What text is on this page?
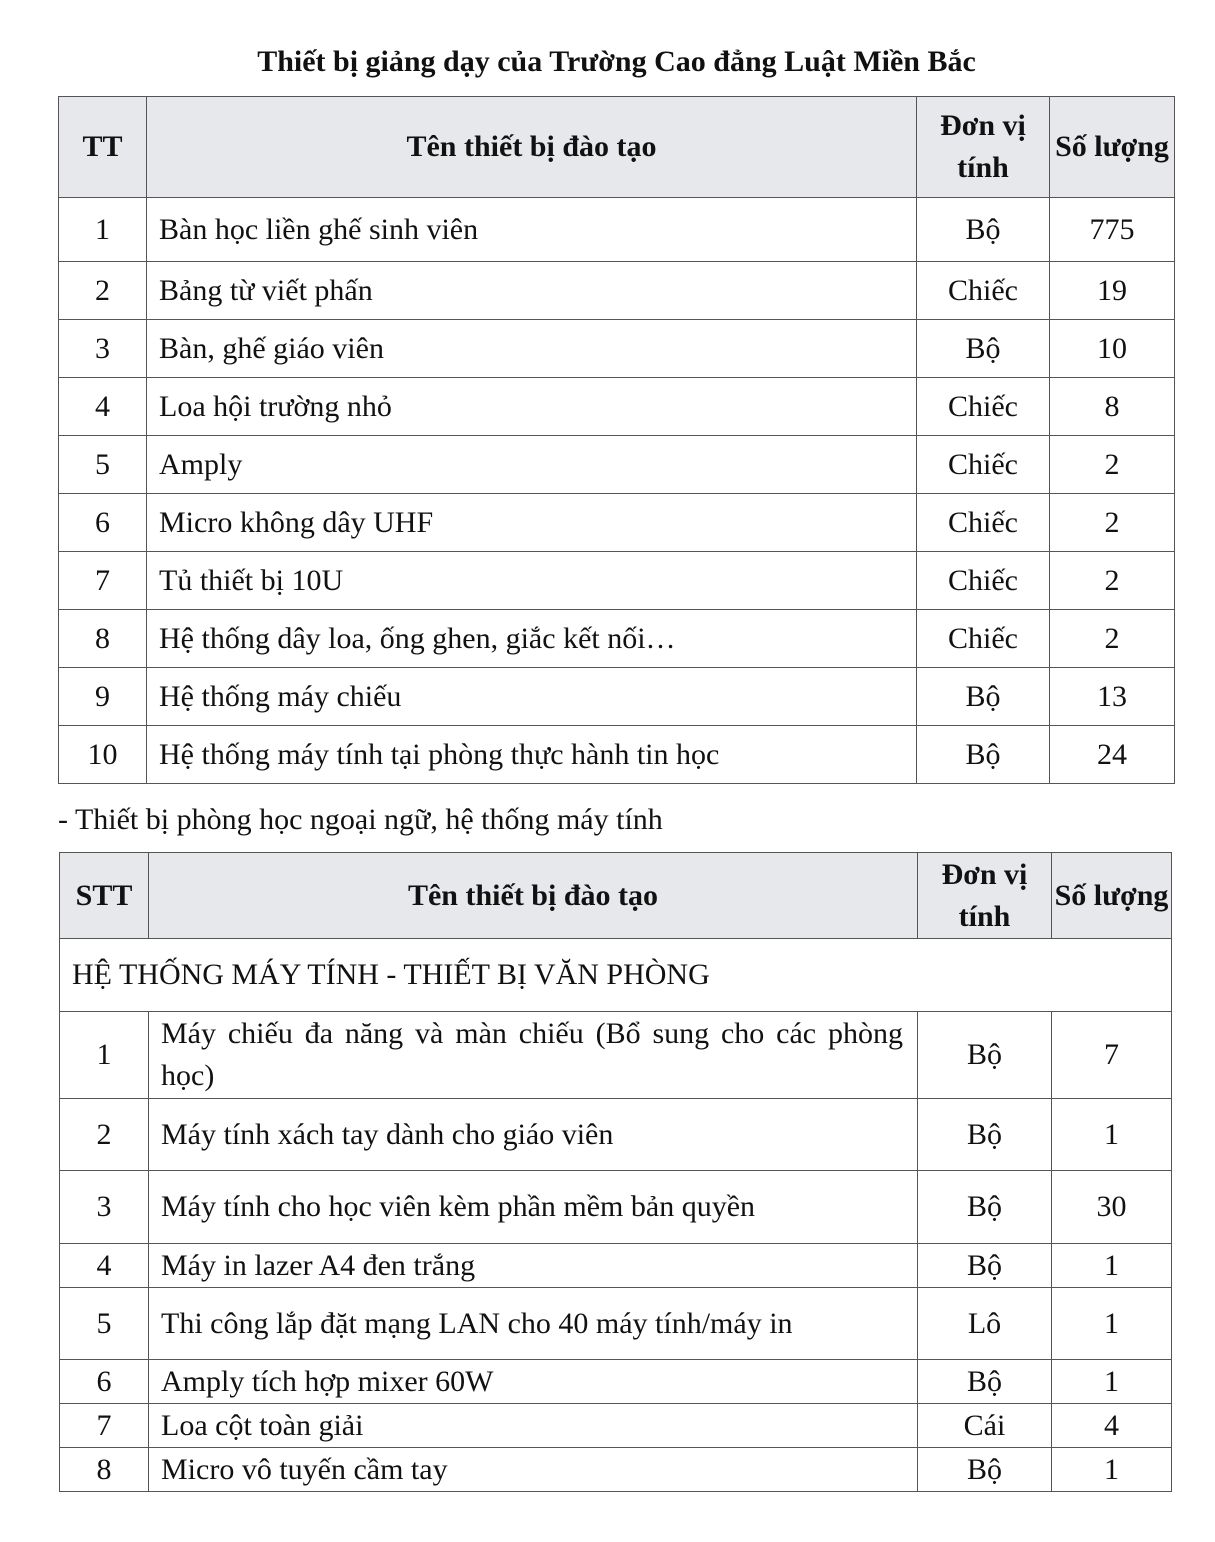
Thiết bị giảng dạy của Trường Cao đẳng Luật Miền Bắc
TT	Tên thiết bị đào tạo	Đơn vị tính	Số lượng
1	Bàn học liền ghế sinh viên	Bộ	775
2	Bảng từ viết phấn	Chiếc	19
3	Bàn, ghế giáo viên	Bộ	10
4	Loa hội trường nhỏ	Chiếc	8
5	Amply	Chiếc	2
6	Micro không dây UHF	Chiếc	2
7	Tủ thiết bị 10U	Chiếc	2
8	Hệ thống dây loa, ống ghen, giắc kết nối…	Chiếc	2
9	Hệ thống máy chiếu	Bộ	13
10	Hệ thống máy tính tại phòng thực hành tin học	Bộ	24
- Thiết bị phòng học ngoại ngữ, hệ thống máy tính
STT	Tên thiết bị đào tạo	Đơn vị tính	Số lượng
HỆ THỐNG MÁY TÍNH - THIẾT BỊ VĂN PHÒNG			
1	Máy chiếu đa năng và màn chiếu (Bổ sung cho các phòng học)	Bộ	7
2	Máy tính xách tay dành cho giáo viên	Bộ	1
3	Máy tính cho học viên kèm phần mềm bản quyền	Bộ	30
4	Máy in lazer A4 đen trắng	Bộ	1
5	Thi công lắp đặt mạng LAN cho 40 máy tính/máy in	Lô	1
6	Amply tích hợp mixer 60W	Bộ	1
7	Loa cột toàn giải	Cái	4
8	Micro vô tuyến cầm tay	Bộ	1
